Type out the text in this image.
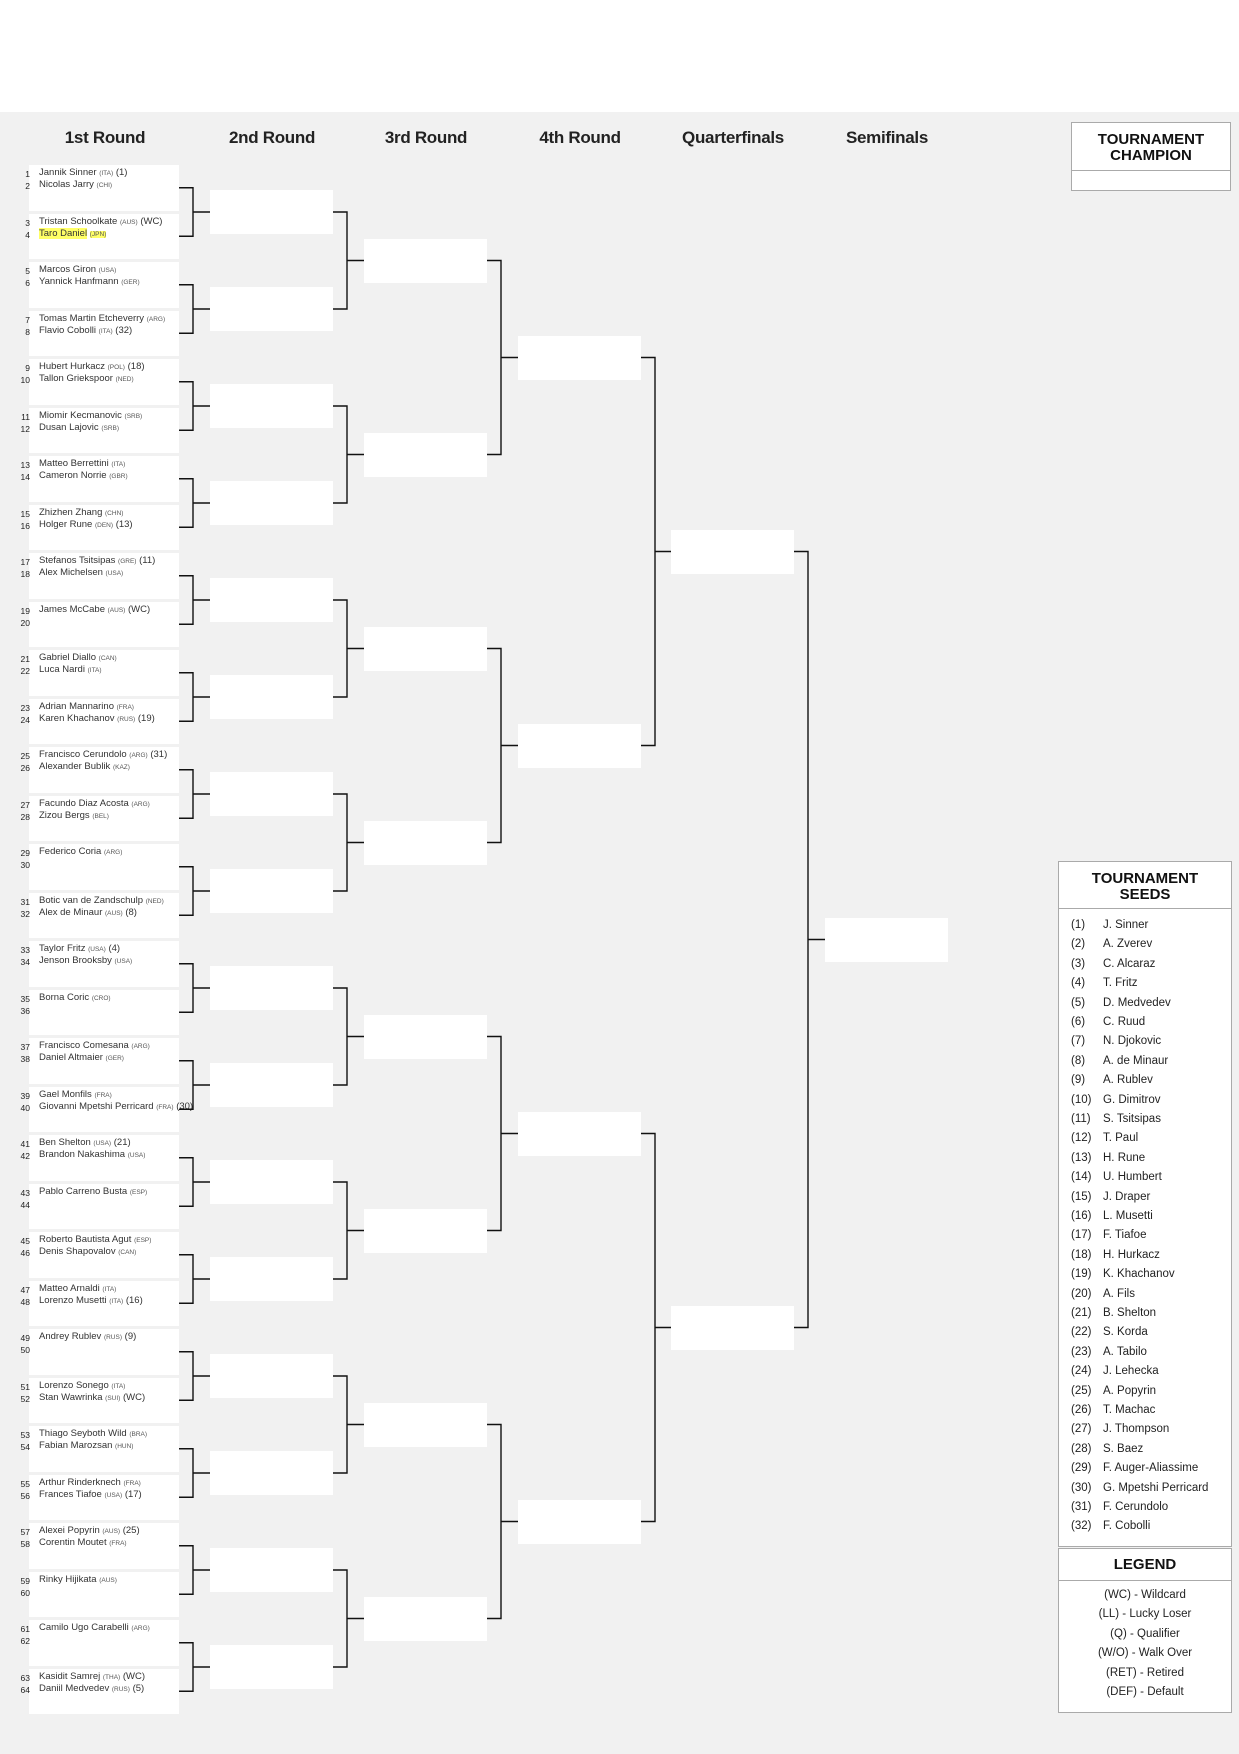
1st Round	2nd Round	3rd Round	4th Round	Quarterfinals	Semifinals
1 Jannik Sinner (ITA) (1)
2 Nicolas Jarry (CHI)
3 Tristan Schoolkate (AUS) (WC)
4 Taro Daniel (JPN)
5 Marcos Giron (USA)
6 Yannick Hanfmann (GER)
7 Tomas Martin Etcheverry (ARG)
8 Flavio Cobolli (ITA) (32)
9 Hubert Hurkacz (POL) (18)
10 Tallon Griekspoor (NED)
11 Miomir Kecmanovic (SRB)
12 Dusan Lajovic (SRB)
13 Matteo Berrettini (ITA)
14 Cameron Norrie (GBR)
15 Zhizhen Zhang (CHN)
16 Holger Rune (DEN) (13)
17 Stefanos Tsitsipas (GRE) (11)
18 Alex Michelsen (USA)
19 James McCabe (AUS) (WC)
20
21 Gabriel Diallo (CAN)
22 Luca Nardi (ITA)
23 Adrian Mannarino (FRA)
24 Karen Khachanov (RUS) (19)
25 Francisco Cerundolo (ARG) (31)
26 Alexander Bublik (KAZ)
27 Facundo Diaz Acosta (ARG)
28 Zizou Bergs (BEL)
29 Federico Coria (ARG)
30
31 Botic van de Zandschulp (NED)
32 Alex de Minaur (AUS) (8)
33 Taylor Fritz (USA) (4)
34 Jenson Brooksby (USA)
35 Borna Coric (CRO)
36
37 Francisco Comesana (ARG)
38 Daniel Altmaier (GER)
39 Gael Monfils (FRA)
40 Giovanni Mpetshi Perricard (FRA) (30)
41 Ben Shelton (USA) (21)
42 Brandon Nakashima (USA)
43 Pablo Carreno Busta (ESP)
44
45 Roberto Bautista Agut (ESP)
46 Denis Shapovalov (CAN)
47 Matteo Arnaldi (ITA)
48 Lorenzo Musetti (ITA) (16)
49 Andrey Rublev (RUS) (9)
50
51 Lorenzo Sonego (ITA)
52 Stan Wawrinka (SUI) (WC)
53 Thiago Seyboth Wild (BRA)
54 Fabian Marozsan (HUN)
55 Arthur Rinderknech (FRA)
56 Frances Tiafoe (USA) (17)
57 Alexei Popyrin (AUS) (25)
58 Corentin Moutet (FRA)
59 Rinky Hijikata (AUS)
60
61 Camilo Ugo Carabelli (ARG)
62
63 Kasidit Samrej (THA) (WC)
64 Daniil Medvedev (RUS) (5)
TOURNAMENT
CHAMPION
TOURNAMENT
SEEDS
(1) J. Sinner
(2) A. Zverev
(3) C. Alcaraz
(4) T. Fritz
(5) D. Medvedev
(6) C. Ruud
(7) N. Djokovic
(8) A. de Minaur
(9) A. Rublev
(10) G. Dimitrov
(11) S. Tsitsipas
(12) T. Paul
(13) H. Rune
(14) U. Humbert
(15) J. Draper
(16) L. Musetti
(17) F. Tiafoe
(18) H. Hurkacz
(19) K. Khachanov
(20) A. Fils
(21) B. Shelton
(22) S. Korda
(23) A. Tabilo
(24) J. Lehecka
(25) A. Popyrin
(26) T. Machac
(27) J. Thompson
(28) S. Baez
(29) F. Auger-Aliassime
(30) G. Mpetshi Perricard
(31) F. Cerundolo
(32) F. Cobolli
LEGEND
(WC) - Wildcard
(LL) - Lucky Loser
(Q) - Qualifier
(W/O) - Walk Over
(RET) - Retired
(DEF) - Default
